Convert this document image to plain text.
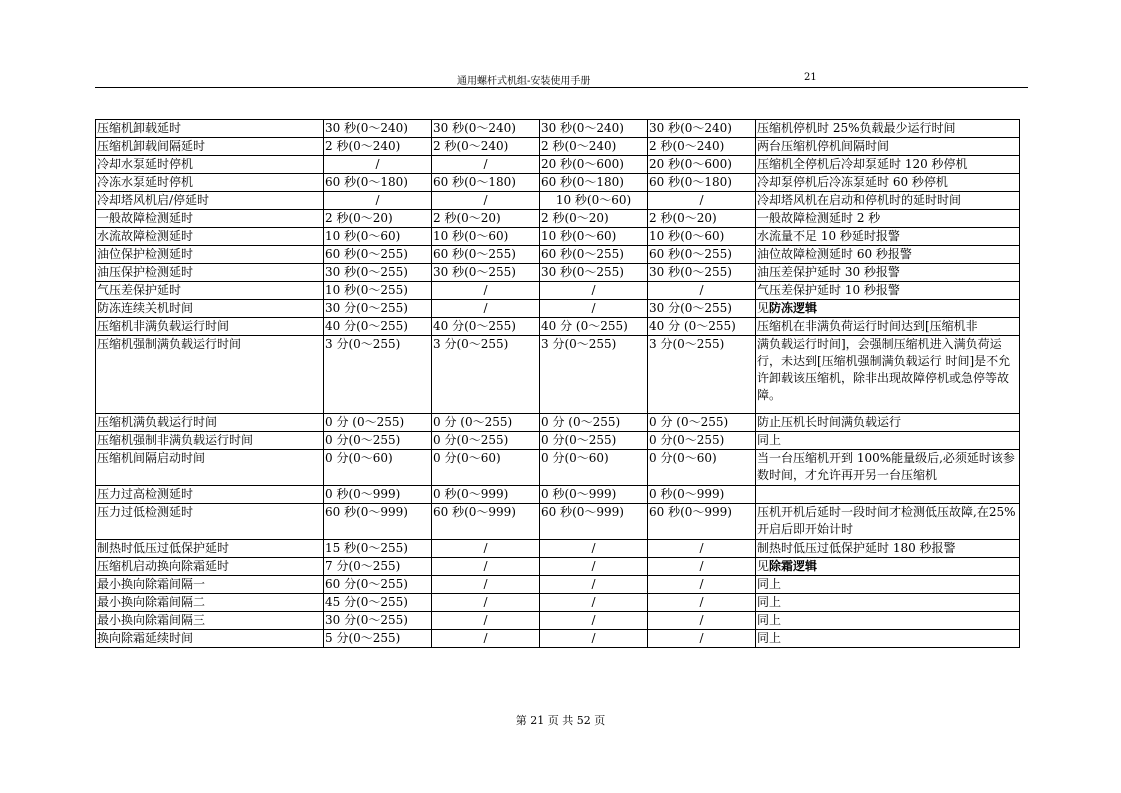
通用螺杆式机组-安装使用手册	21
压缩机卸载延时	30 秒(0～240)	30 秒(0～240)	30 秒(0～240)	30 秒(0～240)	压缩机停机时 25%负载最少运行时间
压缩机卸载间隔延时	2 秒(0～240)	2 秒(0～240)	2 秒(0～240)	2 秒(0～240)	两台压缩机停机间隔时间
冷却水泵延时停机	/	/	20 秒(0～600)	20 秒(0～600)	压缩机全停机后冷却泵延时 120 秒停机
冷冻水泵延时停机	60 秒(0～180)	60 秒(0～180)	60 秒(0～180)	60 秒(0～180)	冷却泵停机后冷冻泵延时 60 秒停机
冷却塔风机启/停延时	/	/	10 秒(0～60)	/	冷却塔风机在启动和停机时的延时时间
一般故障检测延时	2 秒(0～20)	2 秒(0～20)	2 秒(0～20)	2 秒(0～20)	一般故障检测延时 2 秒
水流故障检测延时	10 秒(0～60)	10 秒(0～60)	10 秒(0～60)	10 秒(0～60)	水流量不足 10 秒延时报警
油位保护检测延时	60 秒(0～255)	60 秒(0～255)	60 秒(0～255)	60 秒(0～255)	油位故障检测延时 60 秒报警
油压保护检测延时	30 秒(0～255)	30 秒(0～255)	30 秒(0～255)	30 秒(0～255)	油压差保护延时 30 秒报警
气压差保护延时	10 秒(0～255)	/	/	/	气压差保护延时 10 秒报警
防冻连续关机时间	30 分(0～255)	/	/	30 分(0～255)	见防冻逻辑
压缩机非满负载运行时间	40 分(0～255)	40 分(0～255)	40 分 (0～255)	40 分 (0～255)	压缩机在非满负荷运行时间达到[压缩机非
压缩机强制满负载运行时间	3 分(0～255)	3 分(0～255)	3 分(0～255)	3 分(0～255)	满负载运行时间]，会强制压缩机进入满负荷运行，未达到[压缩机强制满负载运行 时间]是不允许卸载该压缩机，除非出现故障停机或急停等故障。
压缩机满负载运行时间	0 分 (0～255)	0 分 (0～255)	0 分 (0～255)	0 分 (0～255)	防止压机长时间满负载运行
压缩机强制非满负载运行时间	0 分(0～255)	0 分(0～255)	0 分(0～255)	0 分(0～255)	同上
压缩机间隔启动时间	0 分(0～60)	0 分(0～60)	0 分(0～60)	0 分(0～60)	当一台压缩机开到 100%能量级后,必须延时该参数时间，才允许再开另一台压缩机
压力过高检测延时	0 秒(0～999)	0 秒(0～999)	0 秒(0～999)	0 秒(0～999)	
压力过低检测延时	60 秒(0～999)	60 秒(0～999)	60 秒(0～999)	60 秒(0～999)	压机开机后延时一段时间才检测低压故障,在25%开启后即开始计时
制热时低压过低保护延时	15 秒(0～255)	/	/	/	制热时低压过低保护延时 180 秒报警
压缩机启动换向除霜延时	7 分(0～255)	/	/	/	见除霜逻辑
最小换向除霜间隔一	60 分(0～255)	/	/	/	同上
最小换向除霜间隔二	45 分(0～255)	/	/	/	同上
最小换向除霜间隔三	30 分(0～255)	/	/	/	同上
换向除霜延续时间	5 分(0～255)	/	/	/	同上
第 21 页 共 52 页
